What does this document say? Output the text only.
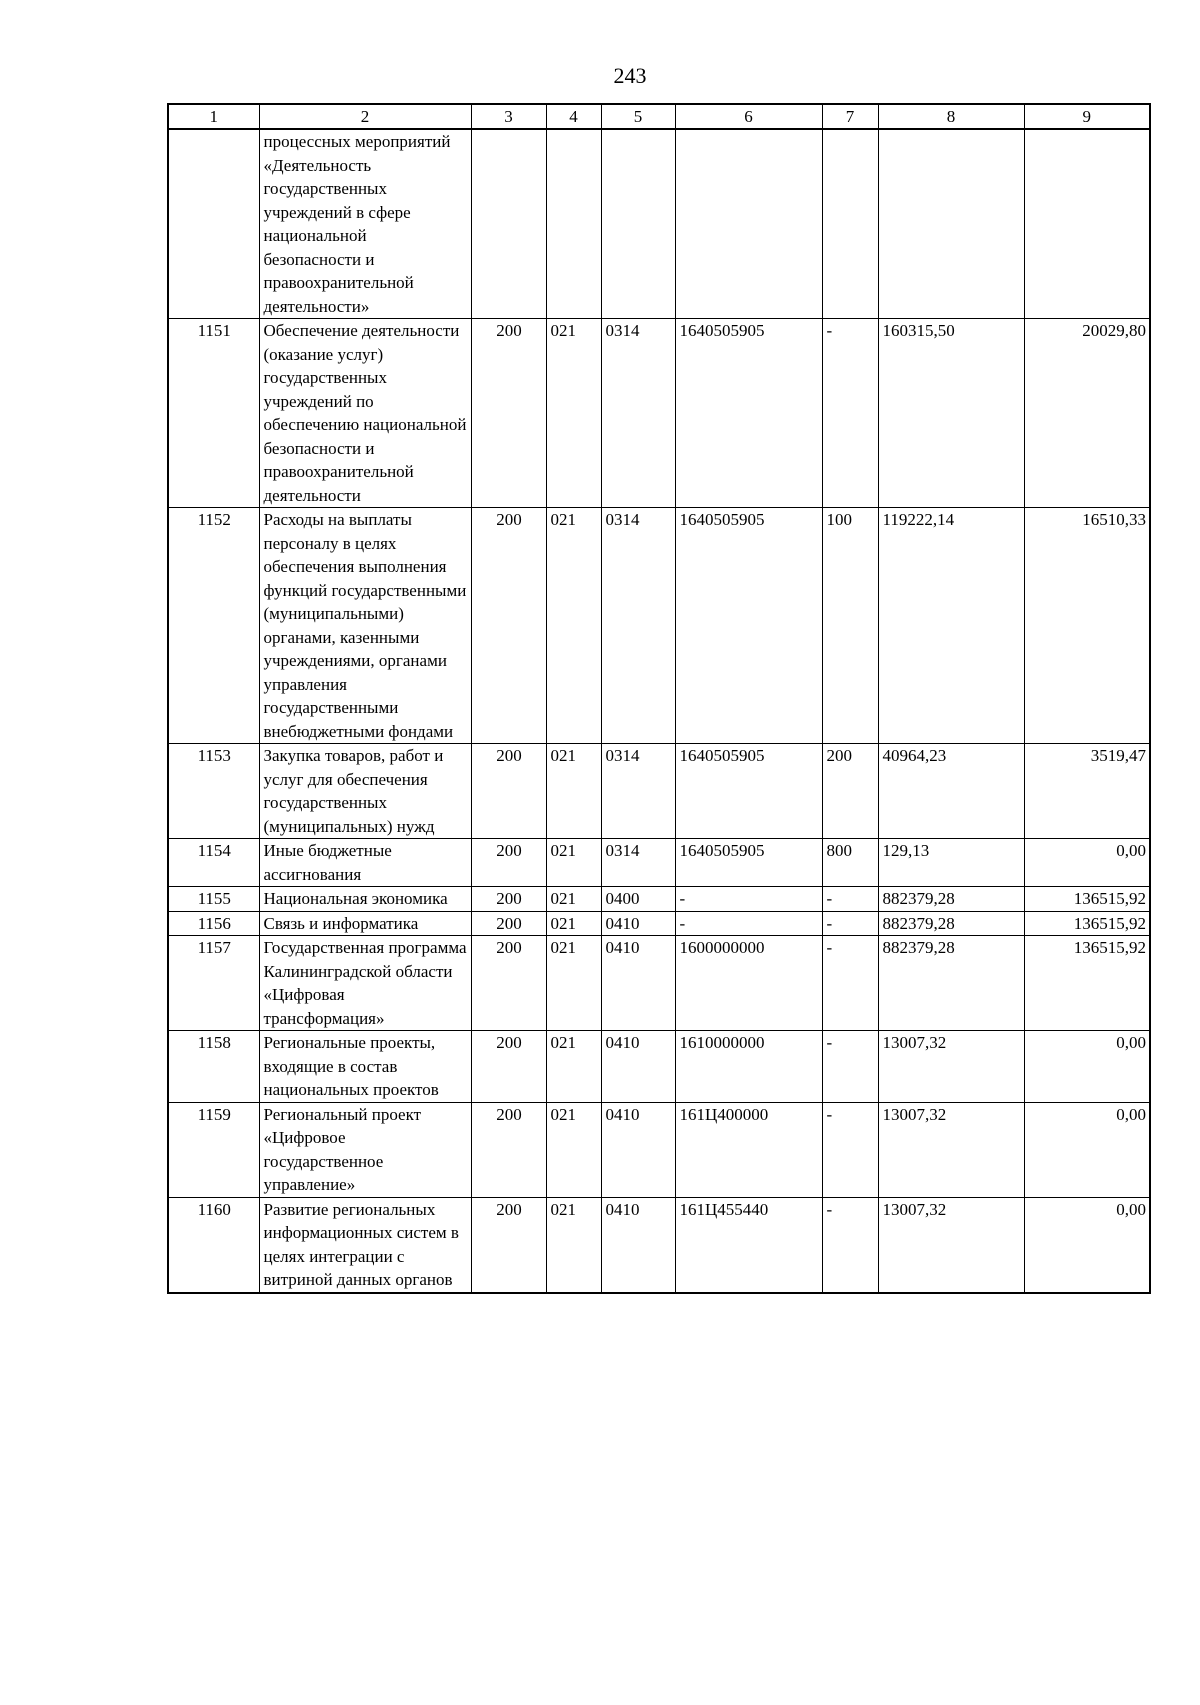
243
1	2	3	4	5	6	7	8	9
	процессных мероприятий «Деятельность государственных учреждений в сфере национальной безопасности и правоохранительной деятельности»							
1151	Обеспечение деятельности (оказание услуг) государственных учреждений по обеспечению национальной безопасности и правоохранительной деятельности	200	021	0314	1640505905	-	160315,50	20029,80
1152	Расходы на выплаты персоналу в целях обеспечения выполнения функций государственными (муниципальными) органами, казенными учреждениями, органами управления государственными внебюджетными фондами	200	021	0314	1640505905	100	119222,14	16510,33
1153	Закупка товаров, работ и услуг для обеспечения государственных (муниципальных) нужд	200	021	0314	1640505905	200	40964,23	3519,47
1154	Иные бюджетные ассигнования	200	021	0314	1640505905	800	129,13	0,00
1155	Национальная экономика	200	021	0400	-	-	882379,28	136515,92
1156	Связь и информатика	200	021	0410	-	-	882379,28	136515,92
1157	Государственная программа Калининградской области «Цифровая трансформация»	200	021	0410	1600000000	-	882379,28	136515,92
1158	Региональные проекты, входящие в состав национальных проектов	200	021	0410	1610000000	-	13007,32	0,00
1159	Региональный проект «Цифровое государственное управление»	200	021	0410	161Ц400000	-	13007,32	0,00
1160	Развитие региональных информационных систем в целях интеграции с витриной данных органов	200	021	0410	161Ц455440	-	13007,32	0,00
